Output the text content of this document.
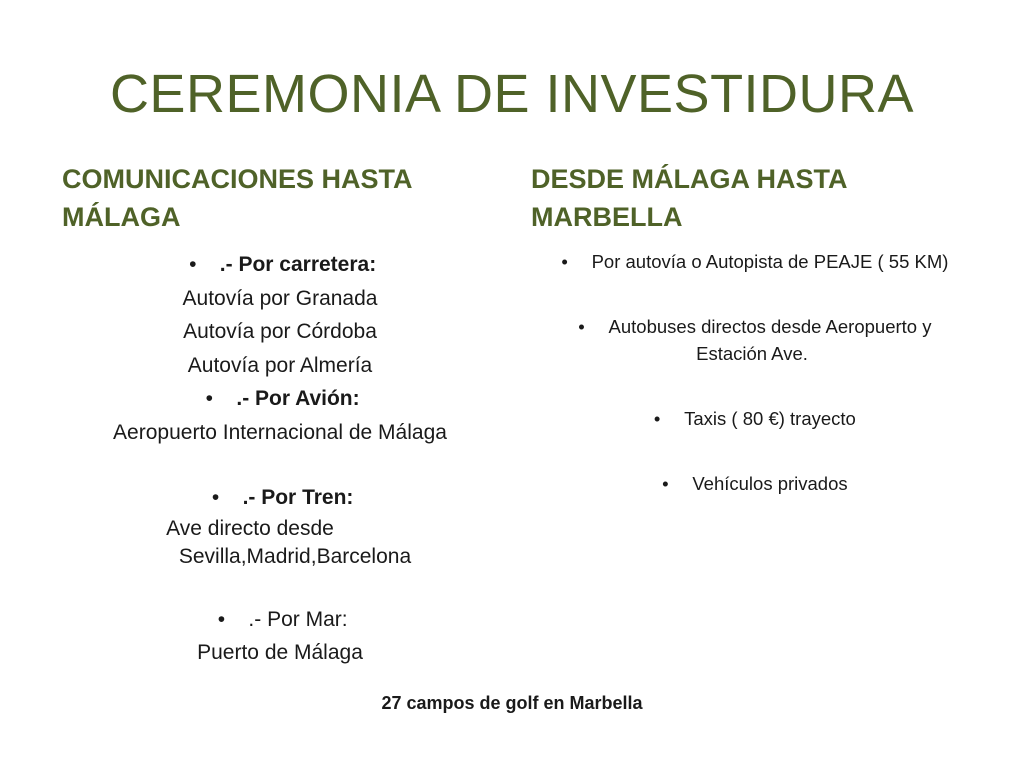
CEREMONIA DE INVESTIDURA
COMUNICACIONES HASTA MÁLAGA
DESDE MÁLAGA HASTA MARBELLA
• .- Por carretera:
Autovía por Granada
Autovía por Córdoba
Autovía por Almería
• .- Por Avión:
Aeropuerto Internacional de Málaga
• .- Por Tren:
Ave directo desde
Sevilla,Madrid,Barcelona
• .- Por Mar:
Puerto de Málaga
• Por autovía o Autopista de PEAJE ( 55 KM)
• Autobuses directos desde Aeropuerto y
Estación Ave.
• Taxis ( 80 €) trayecto
• Vehículos privados
27 campos de golf en Marbella
